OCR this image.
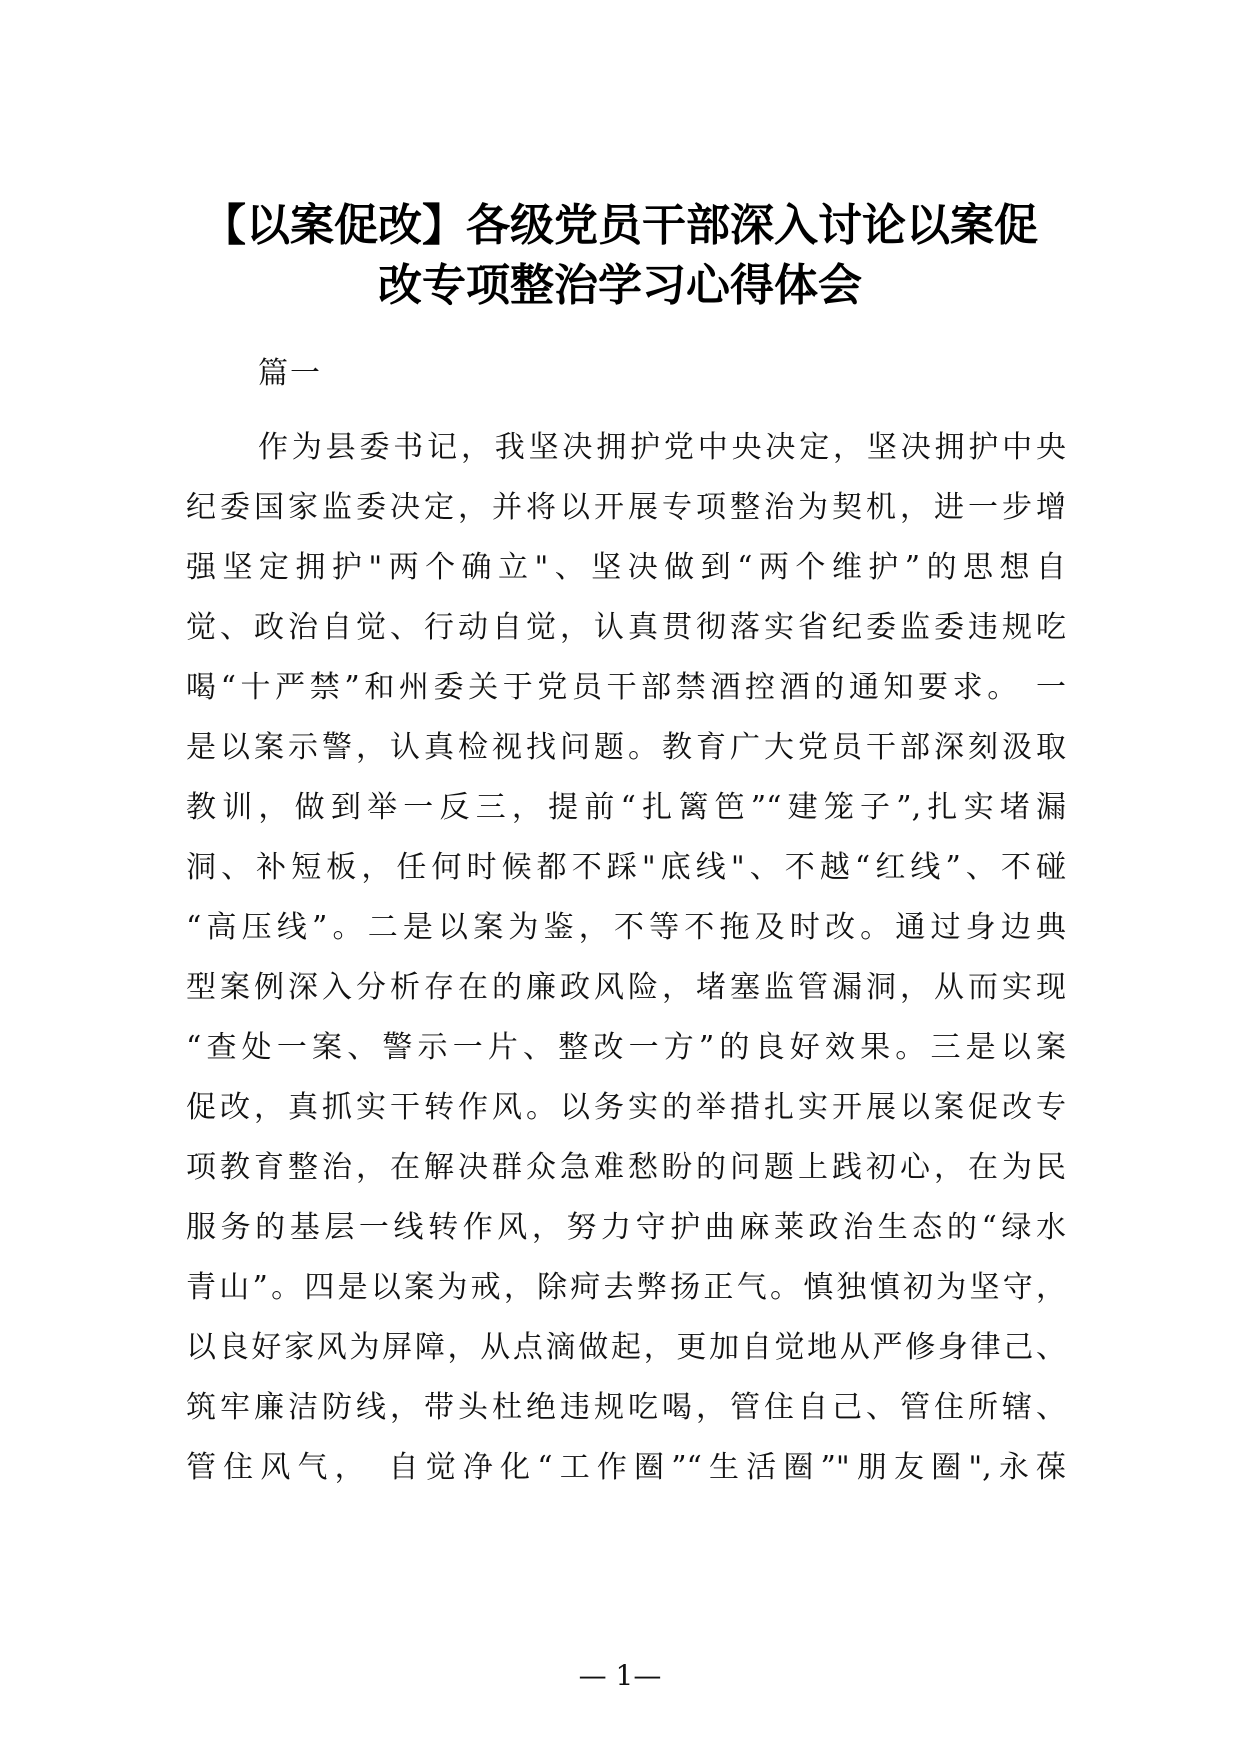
【以案促改】各级党员干部深入讨论以案促
改专项整治学习心得体会
篇一
作为县委书记，我坚决拥护党中央决定，坚决拥护中央
纪委国家监委决定，并将以开展专项整治为契机，进一步增
强坚定拥护"两个确立"、坚决做到“两个维护”的思想自
觉、政治自觉、行动自觉，认真贯彻落实省纪委监委违规吃
喝“十严禁”和州委关于党员干部禁酒控酒的通知要求。 一
是以案示警，认真检视找问题。教育广大党员干部深刻汲取
教训，做到举一反三，提前“扎篱笆”“建笼子”,扎实堵漏
洞、补短板，任何时候都不踩"底线"、不越“红线”、不碰
“高压线”。二是以案为鉴，不等不拖及时改。通过身边典
型案例深入分析存在的廉政风险，堵塞监管漏洞，从而实现
“查处一案、警示一片、整改一方”的良好效果。三是以案
促改，真抓实干转作风。以务实的举措扎实开展以案促改专
项教育整治，在解决群众急难愁盼的问题上践初心，在为民
服务的基层一线转作风，努力守护曲麻莱政治生态的“绿水
青山”。四是以案为戒，除疴去弊扬正气。慎独慎初为坚守，
以良好家风为屏障，从点滴做起，更加自觉地从严修身律己、
筑牢廉洁防线，带头杜绝违规吃喝，管住自己、管住所辖、
管住风气， 自觉净化“工作圈”“生活圈”"朋友圈",永葆
— 1—
